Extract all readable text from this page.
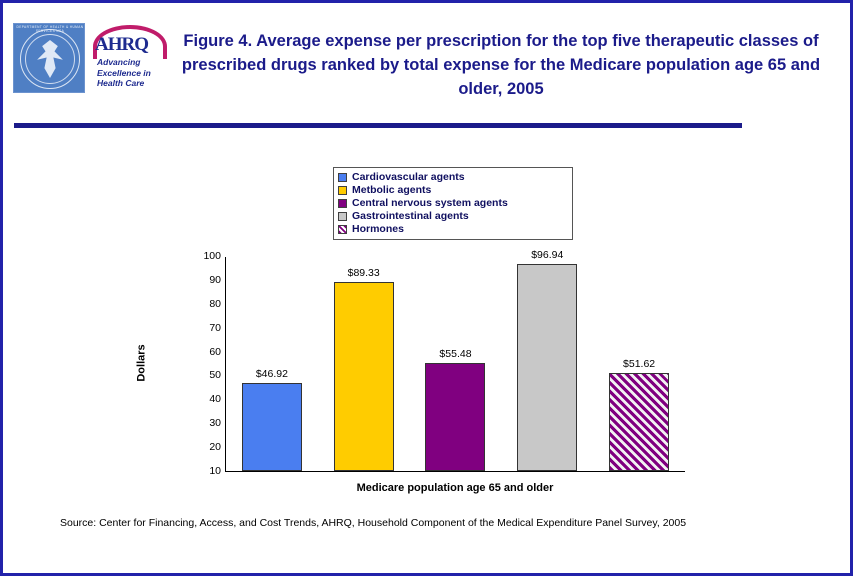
DEPARTMENT OF HEALTH & HUMAN SERVICES USA
AHRQ
Advancing Excellence in Health Care
Figure 4. Average expense per prescription for the top five therapeutic classes of prescribed drugs ranked by total expense for the Medicare population age 65 and older, 2005
Cardiovascular agents
Metbolic agents
Central nervous system agents
Gastrointestinal agents
Hormones
Dollars
10
20
30
40
50
60
70
80
90
100
$46.92
$89.33
$55.48
$96.94
$51.62
Medicare population age 65 and older
Source: Center for Financing, Access, and Cost Trends, AHRQ, Household Component of the Medical Expenditure Panel Survey, 2005
